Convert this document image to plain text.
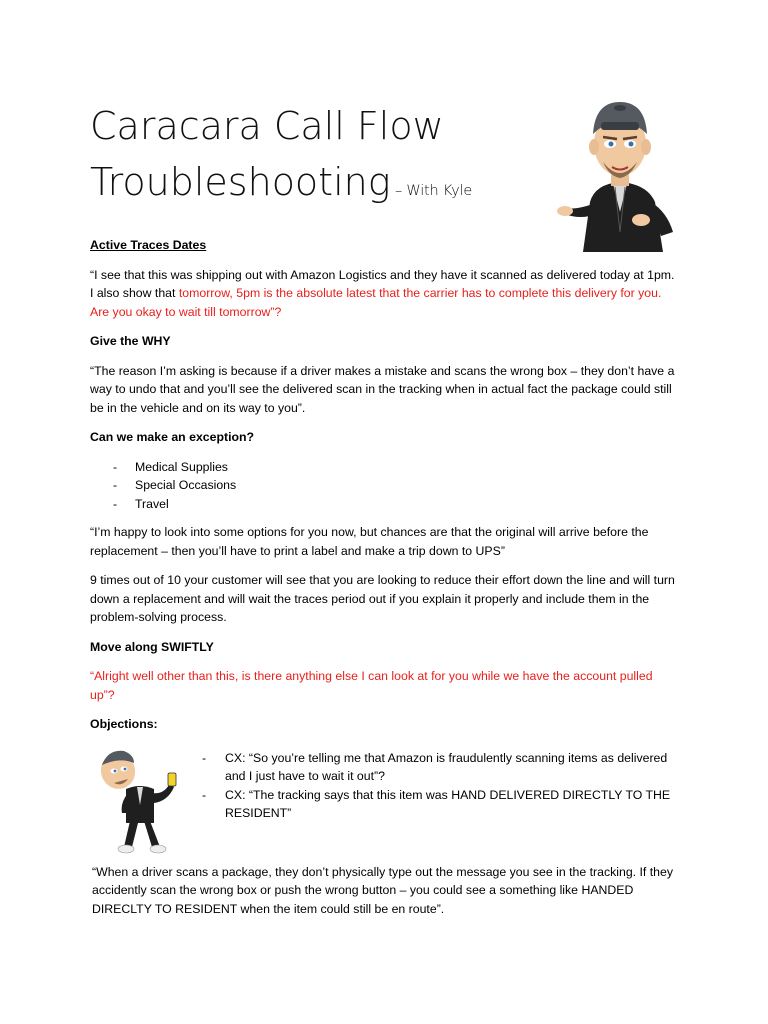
Caracara Call Flow
Troubleshooting – With Kyle

Active Traces Dates

“I see that this was shipping out with Amazon Logistics and they have it scanned as delivered today at 1pm. I also show that tomorrow, 5pm is the absolute latest that the carrier has to complete this delivery for you. Are you okay to wait till tomorrow”?

Give the WHY

“The reason I’m asking is because if a driver makes a mistake and scans the wrong box – they don’t have a way to undo that and you’ll see the delivered scan in the tracking when in actual fact the package could still be in the vehicle and on its way to you”.

Can we make an exception?

- Medical Supplies
- Special Occasions
- Travel

“I’m happy to look into some options for you now, but chances are that the original will arrive before the replacement – then you’ll have to print a label and make a trip down to UPS”

9 times out of 10 your customer will see that you are looking to reduce their effort down the line and will turn down a replacement and will wait the traces period out if you explain it properly and include them in the problem-solving process.

Move along SWIFTLY

“Alright well other than this, is there anything else I can look at for you while we have the account pulled up”?

Objections:

- CX: “So you’re telling me that Amazon is fraudulently scanning items as delivered and I just have to wait it out”?
- CX: “The tracking says that this item was HAND DELIVERED DIRECTLY TO THE RESIDENT”

“When a driver scans a package, they don’t physically type out the message you see in the tracking. If they accidently scan the wrong box or push the wrong button – you could see a something like HANDED DIRECLTY TO RESIDENT when the item could still be en route”.
